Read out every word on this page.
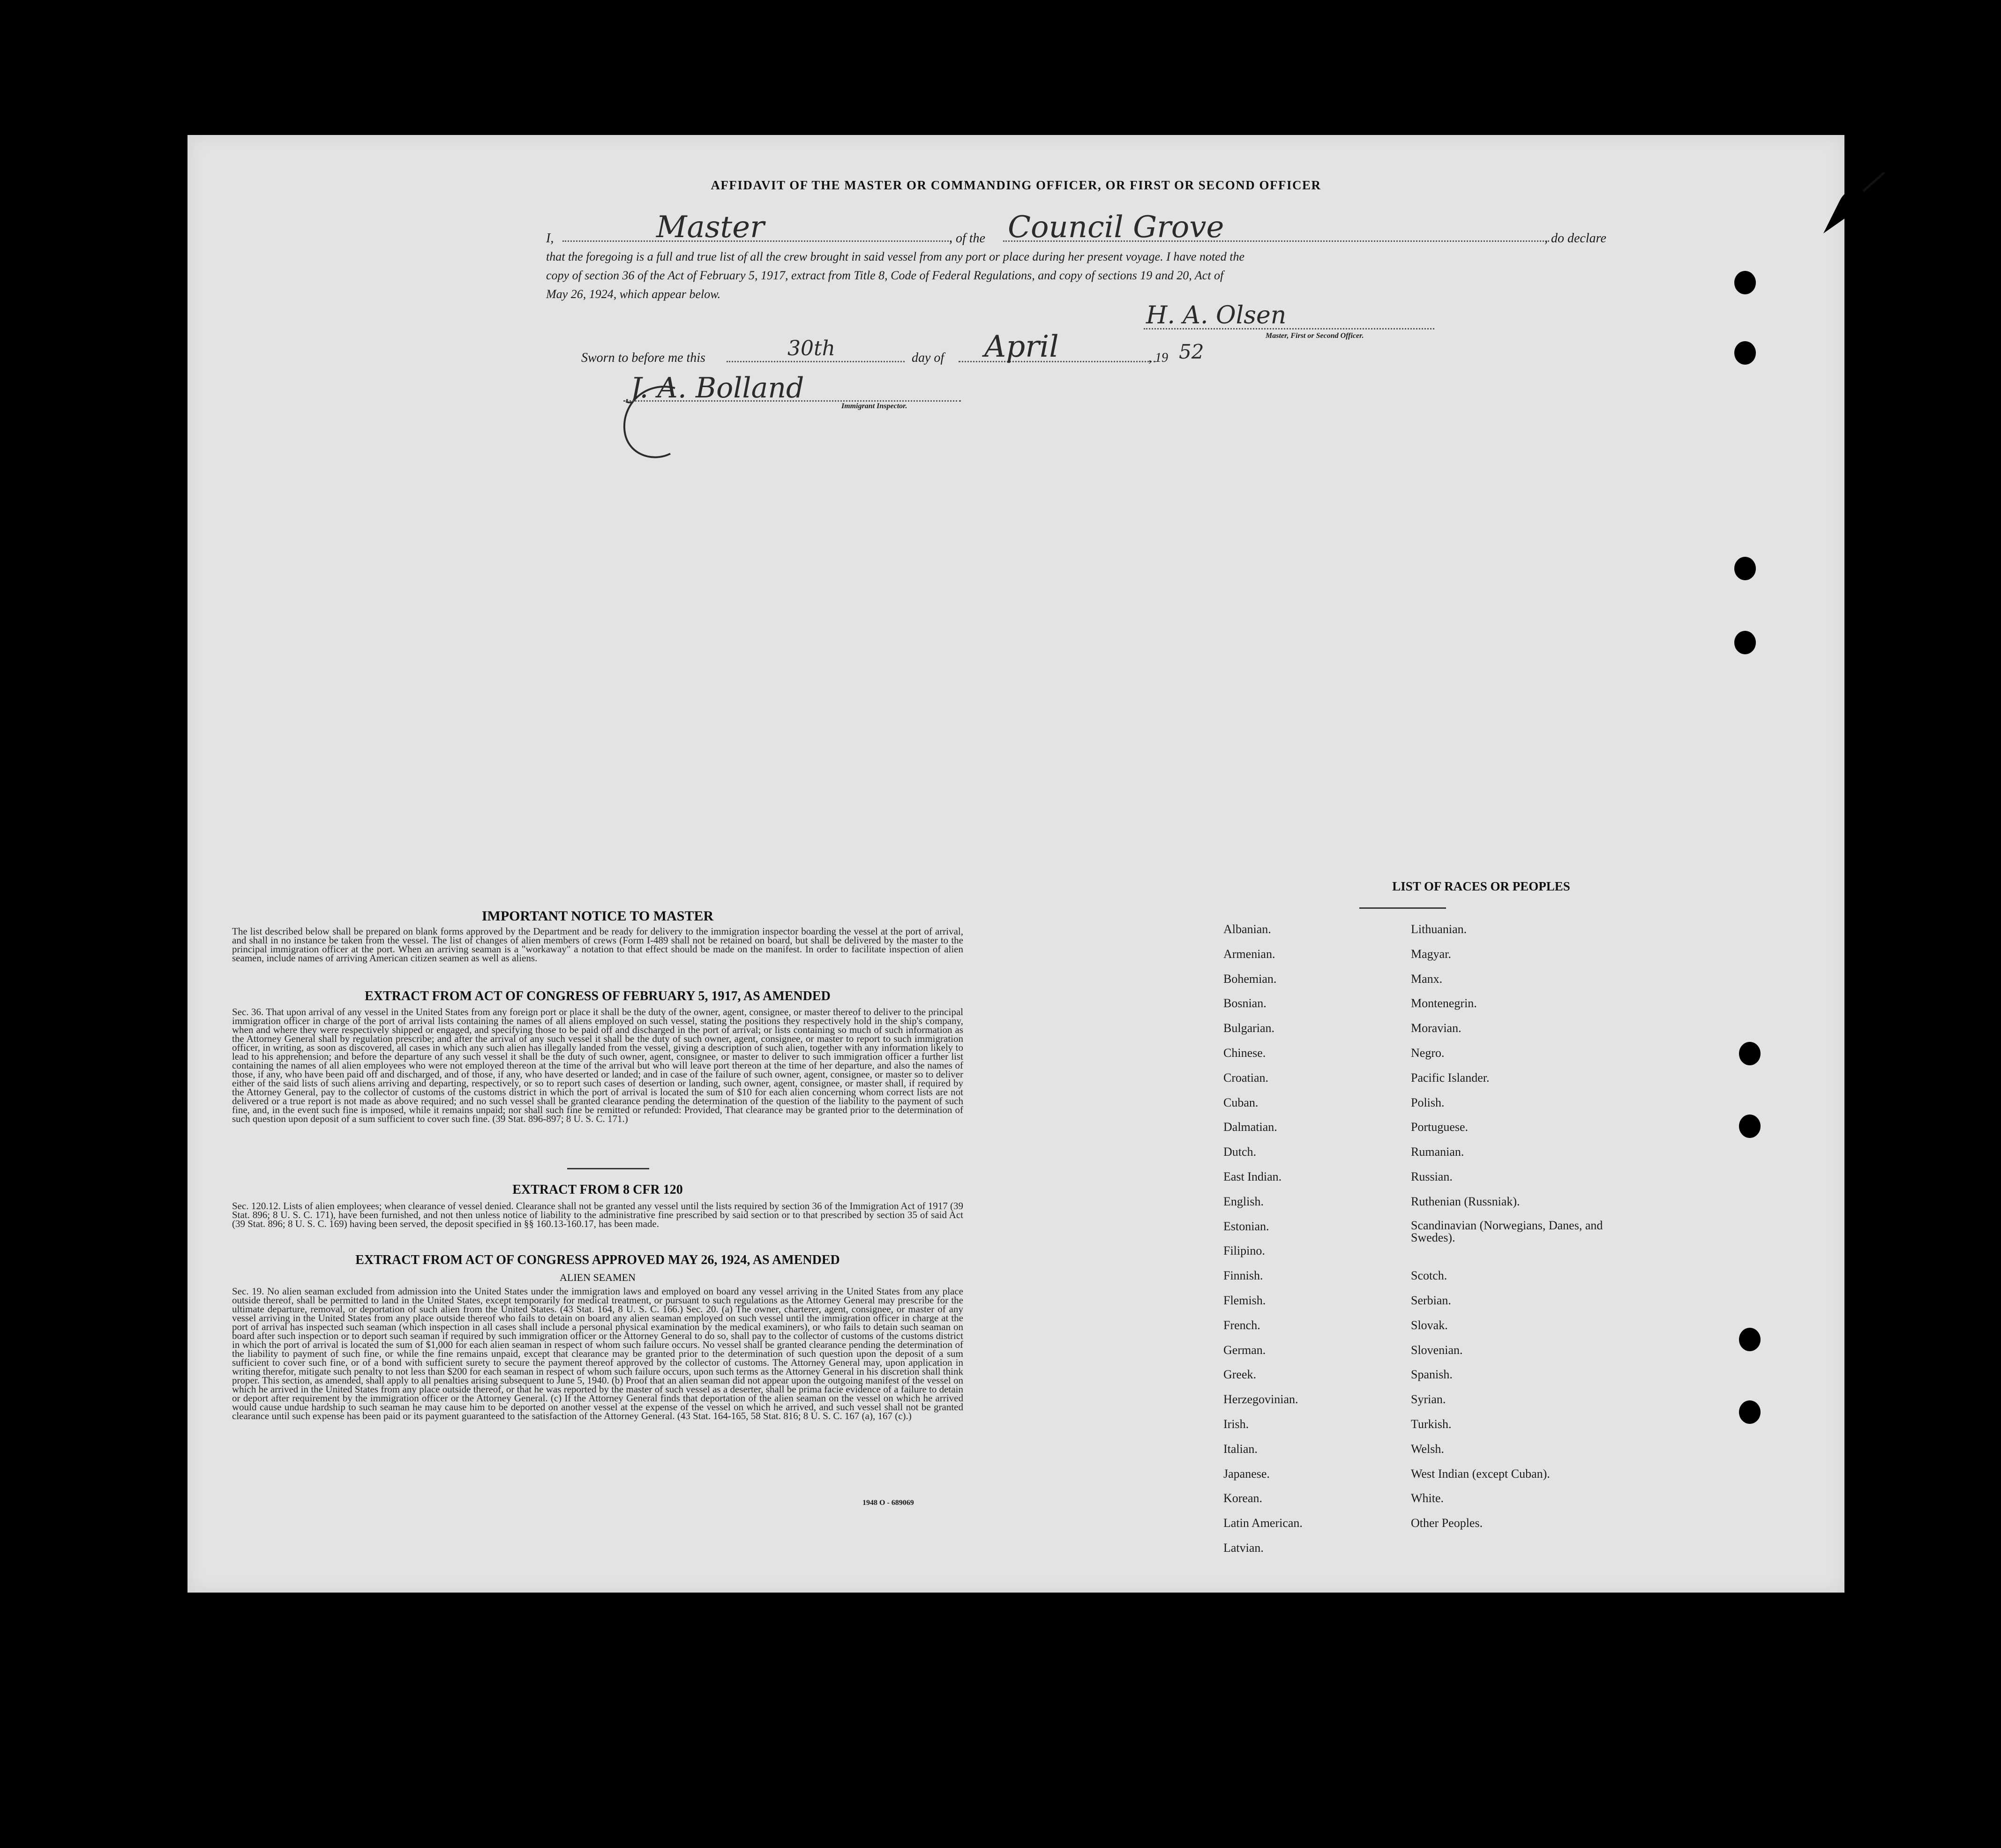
AFFIDAVIT OF THE MASTER OR COMMANDING OFFICER, OR FIRST OR SECOND OFFICER
I,	Master	, of the Council Grove	, do declare
that the foregoing is a full and true list of all the crew brought in said vessel from any port or place during her present voyage. I have noted the
copy of section 36 of the Act of February 5, 1917, extract from Title 8, Code of Federal Regulations, and copy of sections 19 and 20, Act of
May 26, 1924, which appear below.
H. A. Olsen
Master, First or Second Officer.
Sworn to before me this	30th	day of April	, 19 52
J. A. Bolland
Immigrant Inspector.
IMPORTANT NOTICE TO MASTER
The list described below shall be prepared on blank forms approved by the Department and be ready for delivery to the immigration inspector boarding the vessel at the port of arrival, and shall in no instance be taken from the vessel. The list of changes of alien members of crews (Form I-489 shall not be retained on board, but shall be delivered by the master to the principal immigration officer at the port. When an arriving seaman is a "workaway" a notation to that effect should be made on the manifest. In order to facilitate inspection of alien seamen, include names of arriving American citizen seamen as well as aliens.
EXTRACT FROM ACT OF CONGRESS OF FEBRUARY 5, 1917, AS AMENDED
Sec. 36. That upon arrival of any vessel in the United States from any foreign port or place it shall be the duty of the owner, agent, consignee, or master thereof to deliver to the principal immigration officer in charge of the port of arrival lists containing the names of all aliens employed on such vessel, stating the positions they respectively hold in the ship's company, when and where they were respectively shipped or engaged, and specifying those to be paid off and discharged in the port of arrival; or lists containing so much of such information as the Attorney General shall by regulation prescribe; and after the arrival of any such vessel it shall be the duty of such owner, agent, consignee, or master to report to such immigration officer, in writing, as soon as discovered, all cases in which any such alien has illegally landed from the vessel, giving a description of such alien, together with any information likely to lead to his apprehension; and before the departure of any such vessel it shall be the duty of such owner, agent, consignee, or master to deliver to such immigration officer a further list containing the names of all alien employees who were not employed thereon at the time of the arrival but who will leave port thereon at the time of her departure, and also the names of those, if any, who have been paid off and discharged, and of those, if any, who have deserted or landed; and in case of the failure of such owner, agent, consignee, or master so to deliver either of the said lists of such aliens arriving and departing, respectively, or so to report such cases of desertion or landing, such owner, agent, consignee, or master shall, if required by the Attorney General, pay to the collector of customs of the customs district in which the port of arrival is located the sum of $10 for each alien concerning whom correct lists are not delivered or a true report is not made as above required; and no such vessel shall be granted clearance pending the determination of the question of the liability to the payment of such fine, and, in the event such fine is imposed, while it remains unpaid; nor shall such fine be remitted or refunded: Provided, That clearance may be granted prior to the determination of such question upon deposit of a sum sufficient to cover such fine. (39 Stat. 896-897; 8 U. S. C. 171.)
EXTRACT FROM 8 CFR 120
Sec. 120.12. Lists of alien employees; when clearance of vessel denied. Clearance shall not be granted any vessel until the lists required by section 36 of the Immigration Act of 1917 (39 Stat. 896; 8 U. S. C. 171), have been furnished, and not then unless notice of liability to the administrative fine prescribed by said section or to that prescribed by section 35 of said Act (39 Stat. 896; 8 U. S. C. 169) having been served, the deposit specified in §§ 160.13-160.17, has been made.
EXTRACT FROM ACT OF CONGRESS APPROVED MAY 26, 1924, AS AMENDED
ALIEN SEAMEN
Sec. 19. No alien seaman excluded from admission into the United States under the immigration laws and employed on board any vessel arriving in the United States from any place outside thereof, shall be permitted to land in the United States, except temporarily for medical treatment, or pursuant to such regulations as the Attorney General may prescribe for the ultimate departure, removal, or deportation of such alien from the United States. (43 Stat. 164, 8 U. S. C. 166.) Sec. 20. (a) The owner, charterer, agent, consignee, or master of any vessel arriving in the United States from any place outside thereof who fails to detain on board any alien seaman employed on such vessel until the immigration officer in charge at the port of arrival has inspected such seaman (which inspection in all cases shall include a personal physical examination by the medical examiners), or who fails to detain such seaman on board after such inspection or to deport such seaman if required by such immigration officer or the Attorney General to do so, shall pay to the collector of customs of the customs district in which the port of arrival is located the sum of $1,000 for each alien seaman in respect of whom such failure occurs. No vessel shall be granted clearance pending the determination of the liability to payment of such fine, or while the fine remains unpaid, except that clearance may be granted prior to the determination of such question upon the deposit of a sum sufficient to cover such fine, or of a bond with sufficient surety to secure the payment thereof approved by the collector of customs. The Attorney General may, upon application in writing therefor, mitigate such penalty to not less than $200 for each seaman in respect of whom such failure occurs, upon such terms as the Attorney General in his discretion shall think proper. This section, as amended, shall apply to all penalties arising subsequent to June 5, 1940. (b) Proof that an alien seaman did not appear upon the outgoing manifest of the vessel on which he arrived in the United States from any place outside thereof, or that he was reported by the master of such vessel as a deserter, shall be prima facie evidence of a failure to detain or deport after requirement by the immigration officer or the Attorney General. (c) If the Attorney General finds that deportation of the alien seaman on the vessel on which he arrived would cause undue hardship to such seaman he may cause him to be deported on another vessel at the expense of the vessel on which he arrived, and such vessel shall not be granted clearance until such expense has been paid or its payment guaranteed to the satisfaction of the Attorney General. (43 Stat. 164-165, 58 Stat. 816; 8 U. S. C. 167 (a), 167 (c).)
1948 O - 689069
LIST OF RACES OR PEOPLES
Albanian.
Armenian.
Bohemian.
Bosnian.
Bulgarian.
Chinese.
Croatian.
Cuban.
Dalmatian.
Dutch.
East Indian.
English.
Estonian.
Filipino.
Finnish.
Flemish.
French.
German.
Greek.
Herzegovinian.
Irish.
Italian.
Japanese.
Korean.
Latin American.
Latvian.
Lithuanian.
Magyar.
Manx.
Montenegrin.
Moravian.
Negro.
Pacific Islander.
Polish.
Portuguese.
Rumanian.
Russian.
Ruthenian (Russniak).
Scandinavian (Norwegians, Danes, and Swedes).
Scotch.
Serbian.
Slovak.
Slovenian.
Spanish.
Syrian.
Turkish.
Welsh.
West Indian (except Cuban).
White.
Other Peoples.
